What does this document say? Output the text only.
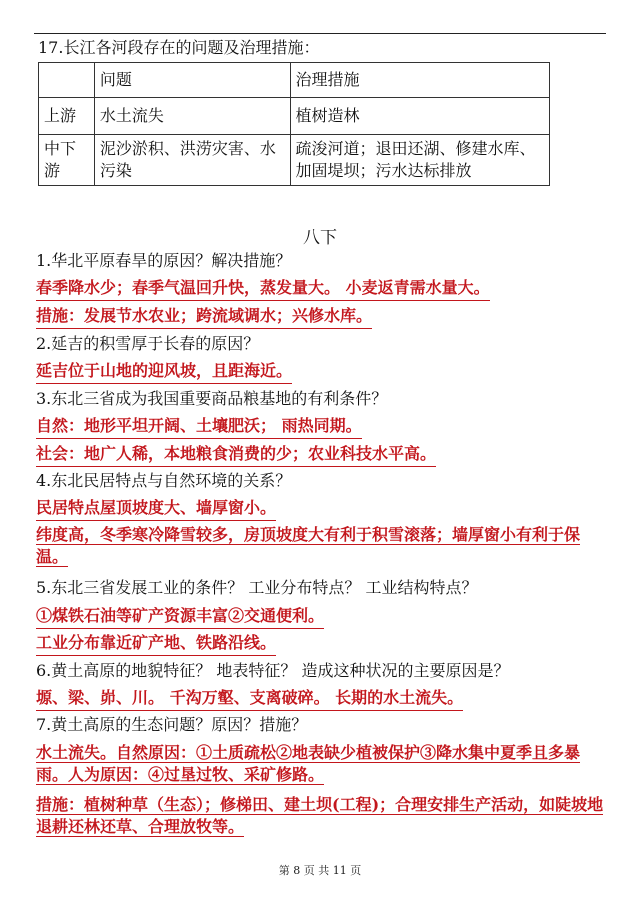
17.长江各河段存在的问题及治理措施：
	问题	治理措施
上游	水土流失	植树造林
中下游	泥沙淤积、洪涝灾害、水污染	疏浚河道；退田还湖、修建水库、加固堤坝；污水达标排放
八下
1.华北平原春旱的原因？解决措施？
春季降水少；春季气温回升快，蒸发量大。 小麦返青需水量大。
措施：发展节水农业；跨流域调水；兴修水库。
2.延吉的积雪厚于长春的原因？
延吉位于山地的迎风坡，且距海近。
3.东北三省成为我国重要商品粮基地的有利条件？
自然：地形平坦开阔、土壤肥沃； 雨热同期。
社会：地广人稀，本地粮食消费的少；农业科技水平高。
4.东北民居特点与自然环境的关系？
民居特点屋顶坡度大、墙厚窗小。
纬度高，冬季寒冷降雪较多，房顶坡度大有利于积雪滚落；墙厚窗小有利于保温。
5.东北三省发展工业的条件？ 工业分布特点？ 工业结构特点？
①煤铁石油等矿产资源丰富②交通便利。
工业分布靠近矿产地、铁路沿线。
6.黄土高原的地貌特征？ 地表特征？ 造成这种状况的主要原因是？
塬、梁、峁、川。 千沟万壑、支离破碎。 长期的水土流失。
7.黄土高原的生态问题？原因？措施？
水土流失。自然原因：①土质疏松②地表缺少植被保护③降水集中夏季且多暴雨。人为原因：④过垦过牧、采矿修路。
措施：植树种草（生态）；修梯田、建土坝(工程)；合理安排生产活动，如陡坡地退耕还林还草、合理放牧等。
第 8 页 共 11 页
